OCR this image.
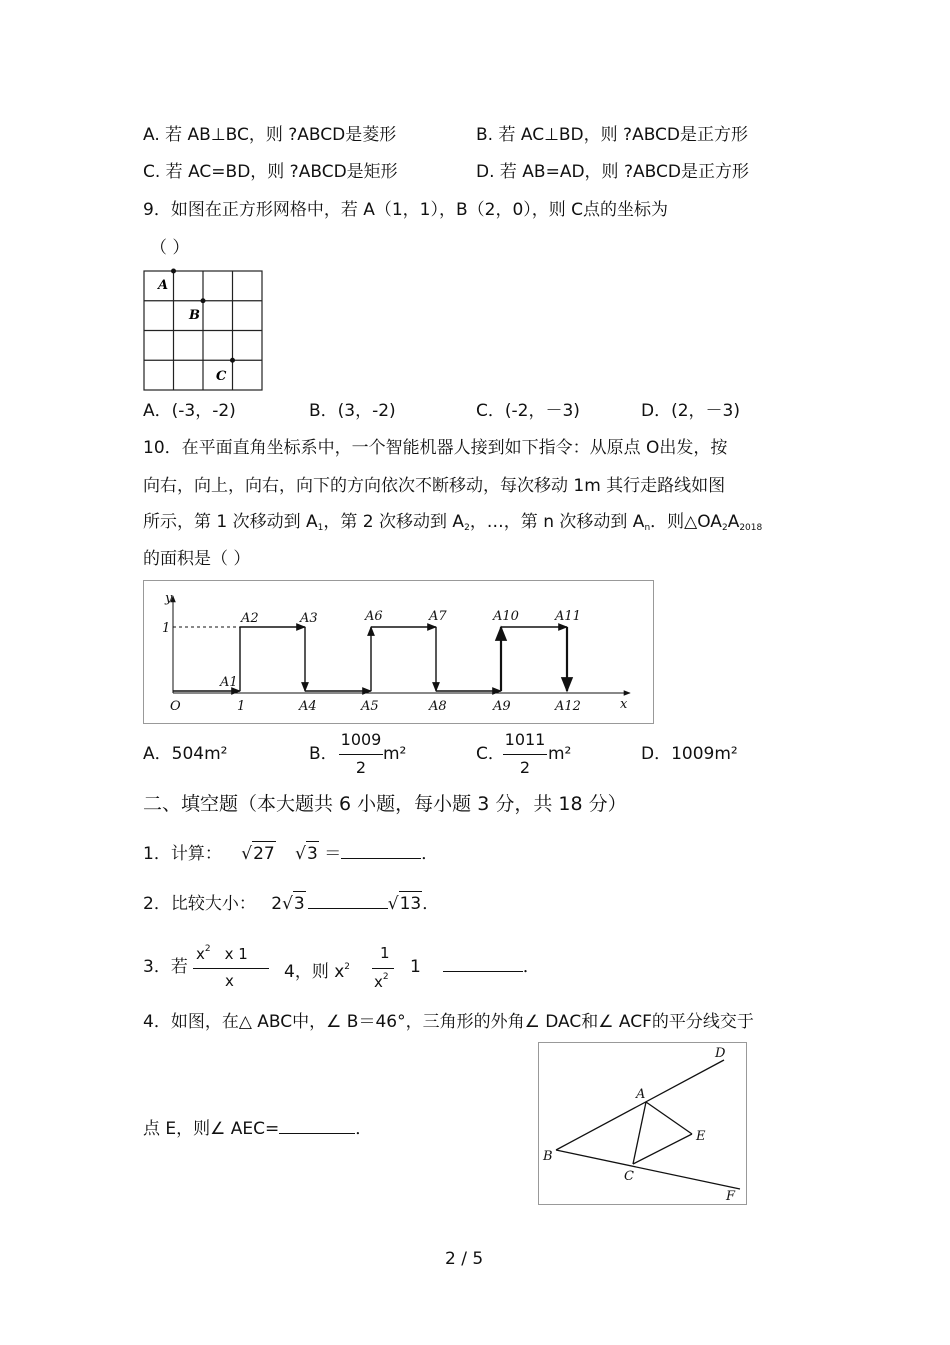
A. 若 AB⊥BC，则 ?ABCD是菱形	B. 若 AC⊥BD，则 ?ABCD是正方形
C. 若 AC=BD，则 ?ABCD是矩形	D. 若 AB=AD，则 ?ABCD是正方形
9．如图在正方形网格中，若 A（1，1），B（2，0），则 C点的坐标为
（ ）
A
B
C
A．(-3，-2)	B．(3，-2)	C．(-2，－3)	D．(2，－3)
10．在平面直角坐标系中，一个智能机器人接到如下指令：从原点 O出发，按
向右，向上，向右，向下的方向依次不断移动，每次移动 1m 其行走路线如图
所示，第 1 次移动到 $A_1$，第 2 次移动到 $A_2$，…，第 n 次移动到 $A_n$．则$\triangle OA_2A_{2018}$
的面积是（ ）
y
x
O
1
1
A1
A2	A3
A4	A5
A6	A7
A8	A9
A10	A11
A12
A．504m²	B．
1009
2
m²	C．
1011
2
m²	D．1009m²
二、填空题（本大题共 6 小题，每小题 3 分，共 18 分）
1．计算： √27 √3 ＝	．
2．比较大小： 2√3	√13．
3．若
$x^2$ x 1
x	4，则 $x^2$
1
$x^2$ 1	．
4．如图，在△ ABC中，∠ B＝46°，三角形的外角∠ DAC和∠ ACF的平分线交于
点 E，则∠ AEC=	．
A
B
C
D
E
F
2 / 5
